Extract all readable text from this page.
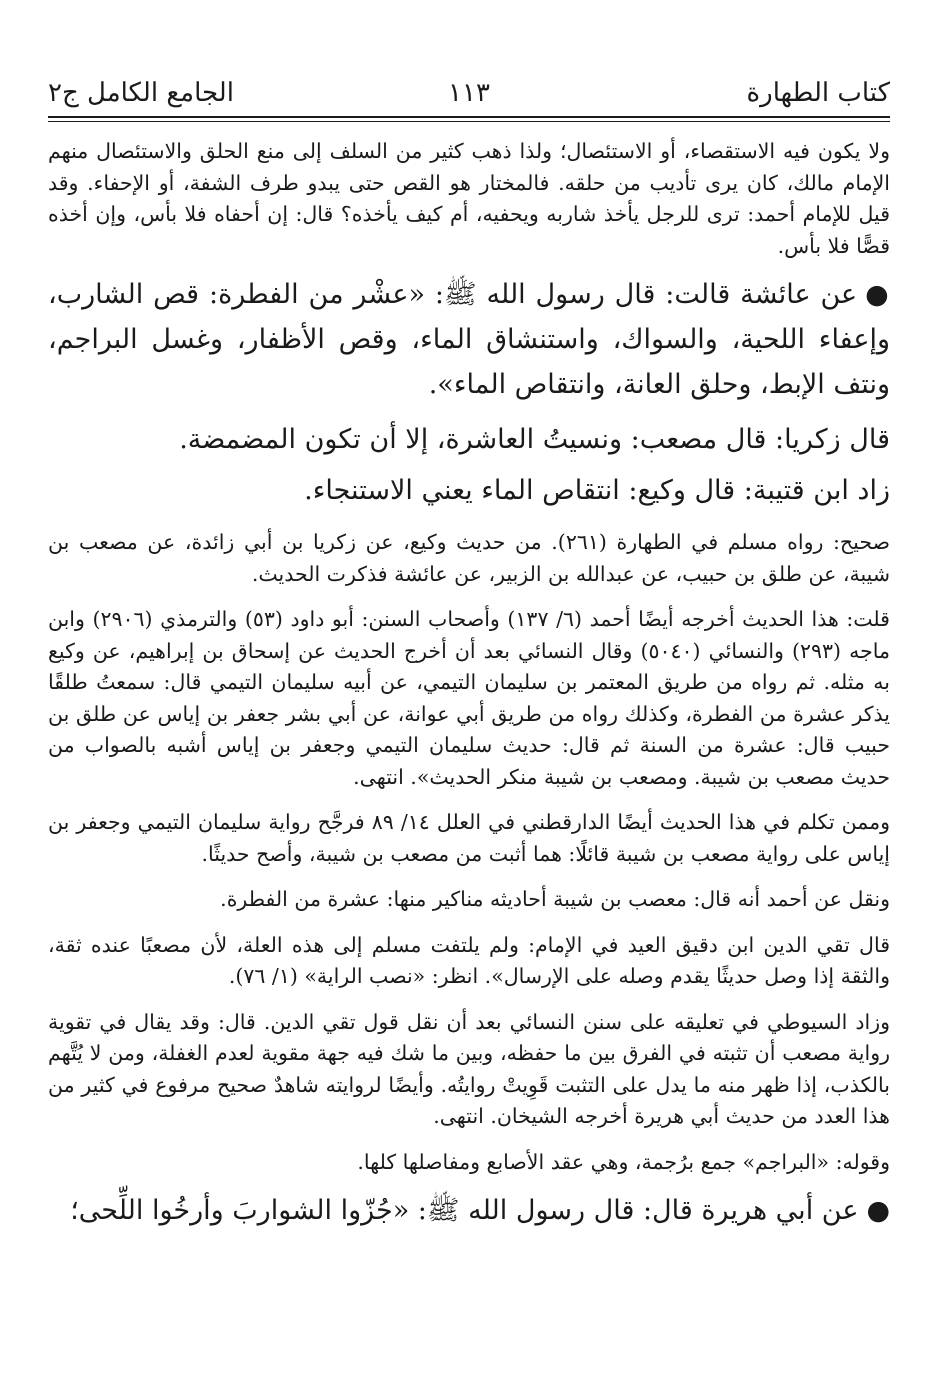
كتاب الطهارة
١١٣
الجامع الكامل ج٢

ولا يكون فيه الاستقصاء، أو الاستئصال؛ ولذا ذهب كثير من السلف إلى منع الحلق والاستئصال منهم الإمام مالك، كان يرى تأديب من حلقه. فالمختار هو القص حتى يبدو طرف الشفة، أو الإحفاء. وقد قيل للإمام أحمد: ترى للرجل يأخذ شاربه ويحفيه، أم كيف يأخذه؟ قال: إن أحفاه فلا بأس، وإن أخذه قصًّا فلا بأس.

●عن عائشة قالت: قال رسول الله ﷺ: «عشْر من الفطرة: قص الشارب، وإعفاء اللحية، والسواك، واستنشاق الماء، وقص الأظفار، وغسل البراجم، ونتف الإبط، وحلق العانة، وانتقاص الماء».

قال زكريا: قال مصعب: ونسيتُ العاشرة، إلا أن تكون المضمضة.

زاد ابن قتيبة: قال وكيع: انتقاص الماء يعني الاستنجاء.

صحيح: رواه مسلم في الطهارة (٢٦١). من حديث وكيع، عن زكريا بن أبي زائدة، عن مصعب بن شيبة، عن طلق بن حبيب، عن عبدالله بن الزبير، عن عائشة فذكرت الحديث.

قلت: هذا الحديث أخرجه أيضًا أحمد (٦/ ١٣٧) وأصحاب السنن: أبو داود (٥٣) والترمذي (٢٩٠٦) وابن ماجه (٢٩٣) والنسائي (٥٠٤٠) وقال النسائي بعد أن أخرج الحديث عن إسحاق بن إبراهيم، عن وكيع به مثله. ثم رواه من طريق المعتمر بن سليمان التيمي، عن أبيه سليمان التيمي قال: سمعتُ طلقًا يذكر عشرة من الفطرة، وكذلك رواه من طريق أبي عوانة، عن أبي بشر جعفر بن إياس عن طلق بن حبيب قال: عشرة من السنة ثم قال: حديث سليمان التيمي وجعفر بن إياس أشبه بالصواب من حديث مصعب بن شيبة. ومصعب بن شيبة منكر الحديث». انتهى.

وممن تكلم في هذا الحديث أيضًا الدارقطني في العلل ١٤/ ٨٩ فرجَّح رواية سليمان التيمي وجعفر بن إياس على رواية مصعب بن شيبة قائلًا: هما أثبت من مصعب بن شيبة، وأصح حديثًا.

ونقل عن أحمد أنه قال: معصب بن شيبة أحاديثه مناكير منها: عشرة من الفطرة.

قال تقي الدين ابن دقيق العيد في الإمام: ولم يلتفت مسلم إلى هذه العلة، لأن مصعبًا عنده ثقة، والثقة إذا وصل حديثًا يقدم وصله على الإرسال». انظر: «نصب الراية» (١/ ٧٦).

وزاد السيوطي في تعليقه على سنن النسائي بعد أن نقل قول تقي الدين. قال: وقد يقال في تقوية رواية مصعب أن تثبته في الفرق بين ما حفظه، وبين ما شك فيه جهة مقوية لعدم الغفلة، ومن لا يُتَّهم بالكذب، إذا ظهر منه ما يدل على التثبت قَوِيتْ روايتُه. وأيضًا لروايته شاهدٌ صحيح مرفوع في كثير من هذا العدد من حديث أبي هريرة أخرجه الشيخان. انتهى.

وقوله: «البراجم» جمع برُجمة، وهي عقد الأصابع ومفاصلها كلها.

●عن أبي هريرة قال: قال رسول الله ﷺ: «جُزّوا الشواربَ وأرخُوا اللِّحى؛
